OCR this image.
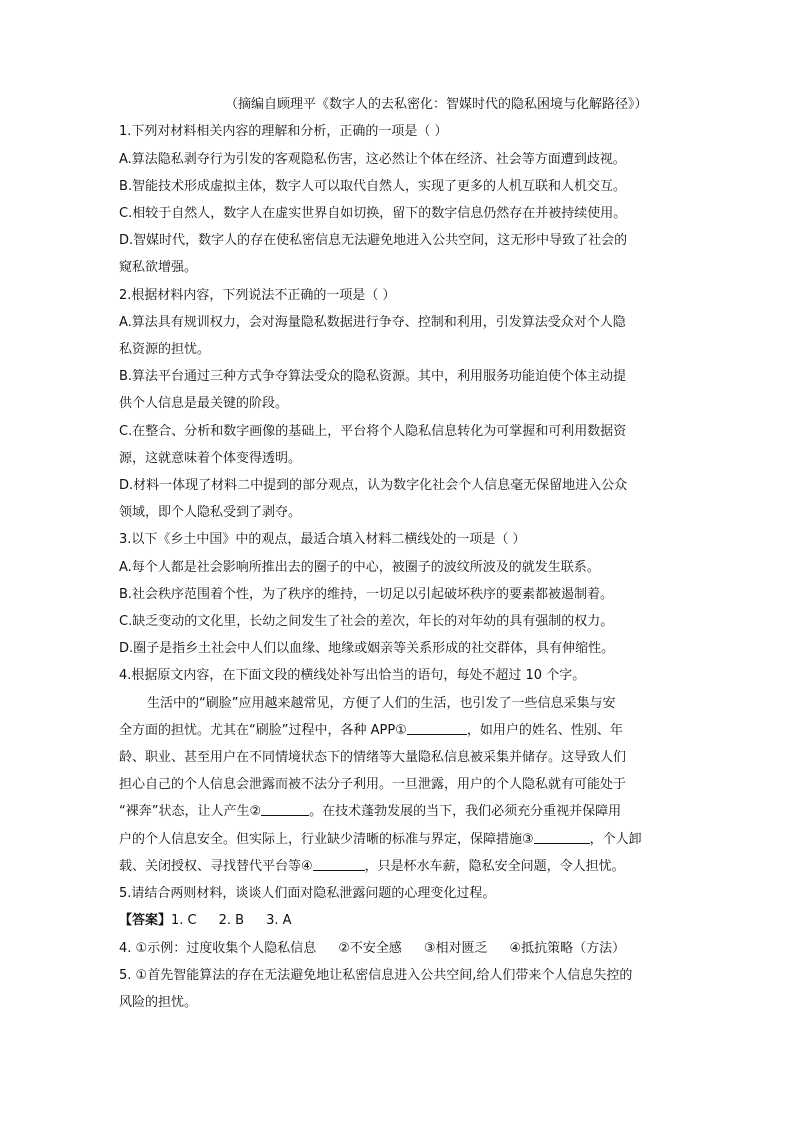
（摘编自顾理平《数字人的去私密化：智媒时代的隐私困境与化解路径》）

1.下列对材料相关内容的理解和分析，正确的一项是（ ）

A.算法隐私剥夺行为引发的客观隐私伤害，这必然让个体在经济、社会等方面遭到歧视。

B.智能技术形成虚拟主体，数字人可以取代自然人，实现了更多的人机互联和人机交互。

C.相较于自然人，数字人在虚实世界自如切换，留下的数字信息仍然存在并被持续使用。

D.智媒时代，数字人的存在使私密信息无法避免地进入公共空间，这无形中导致了社会的

窥私欲增强。

2.根据材料内容，下列说法不正确的一项是（ ）

A.算法具有规训权力，会对海量隐私数据进行争夺、控制和利用，引发算法受众对个人隐

私资源的担忧。

B.算法平台通过三种方式争夺算法受众的隐私资源。其中，利用服务功能迫使个体主动提

供个人信息是最关键的阶段。

C.在整合、分析和数字画像的基础上，平台将个人隐私信息转化为可掌握和可利用数据资

源，这就意味着个体变得透明。

D.材料一体现了材料二中提到的部分观点，认为数字化社会个人信息毫无保留地进入公众

领域，即个人隐私受到了剥夺。

3.以下《乡土中国》中的观点，最适合填入材料二横线处的一项是（ ）

A.每个人都是社会影响所推出去的圈子的中心，被圈子的波纹所波及的就发生联系。

B.社会秩序范围着个性，为了秩序的维持，一切足以引起破坏秩序的要素都被遏制着。

C.缺乏变动的文化里，长幼之间发生了社会的差次，年长的对年幼的具有强制的权力。

D.圈子是指乡土社会中人们以血缘、地缘或姻亲等关系形成的社交群体，具有伸缩性。

4.根据原文内容，在下面文段的横线处补写出恰当的语句，每处不超过 10 个字。

生活中的“刷脸”应用越来越常见，方便了人们的生活，也引发了一些信息采集与安

全方面的担忧。尤其在“刷脸”过程中，各种 APP①	，如用户的姓名、性别、年

龄、职业、甚至用户在不同情境状态下的情绪等大量隐私信息被采集并储存。这导致人们

担心自己的个人信息会泄露而被不法分子利用。一旦泄露，用户的个人隐私就有可能处于

“裸奔”状态，让人产生②	。在技术蓬勃发展的当下，我们必须充分重视并保障用

户的个人信息安全。但实际上，行业缺少清晰的标准与界定，保障措施③	，个人卸

载、关闭授权、寻找替代平台等④	，只是杯水车薪，隐私安全问题，令人担忧。

5.请结合两则材料，谈谈人们面对隐私泄露问题的心理变化过程。

【答案】1. C 2. B 3. A

4. ①示例：过度收集个人隐私信息 ②不安全感 ③相对匮乏 ④抵抗策略（方法）

5. ①首先智能算法的存在无法避免地让私密信息进入公共空间,给人们带来个人信息失控的

风险的担忧。
